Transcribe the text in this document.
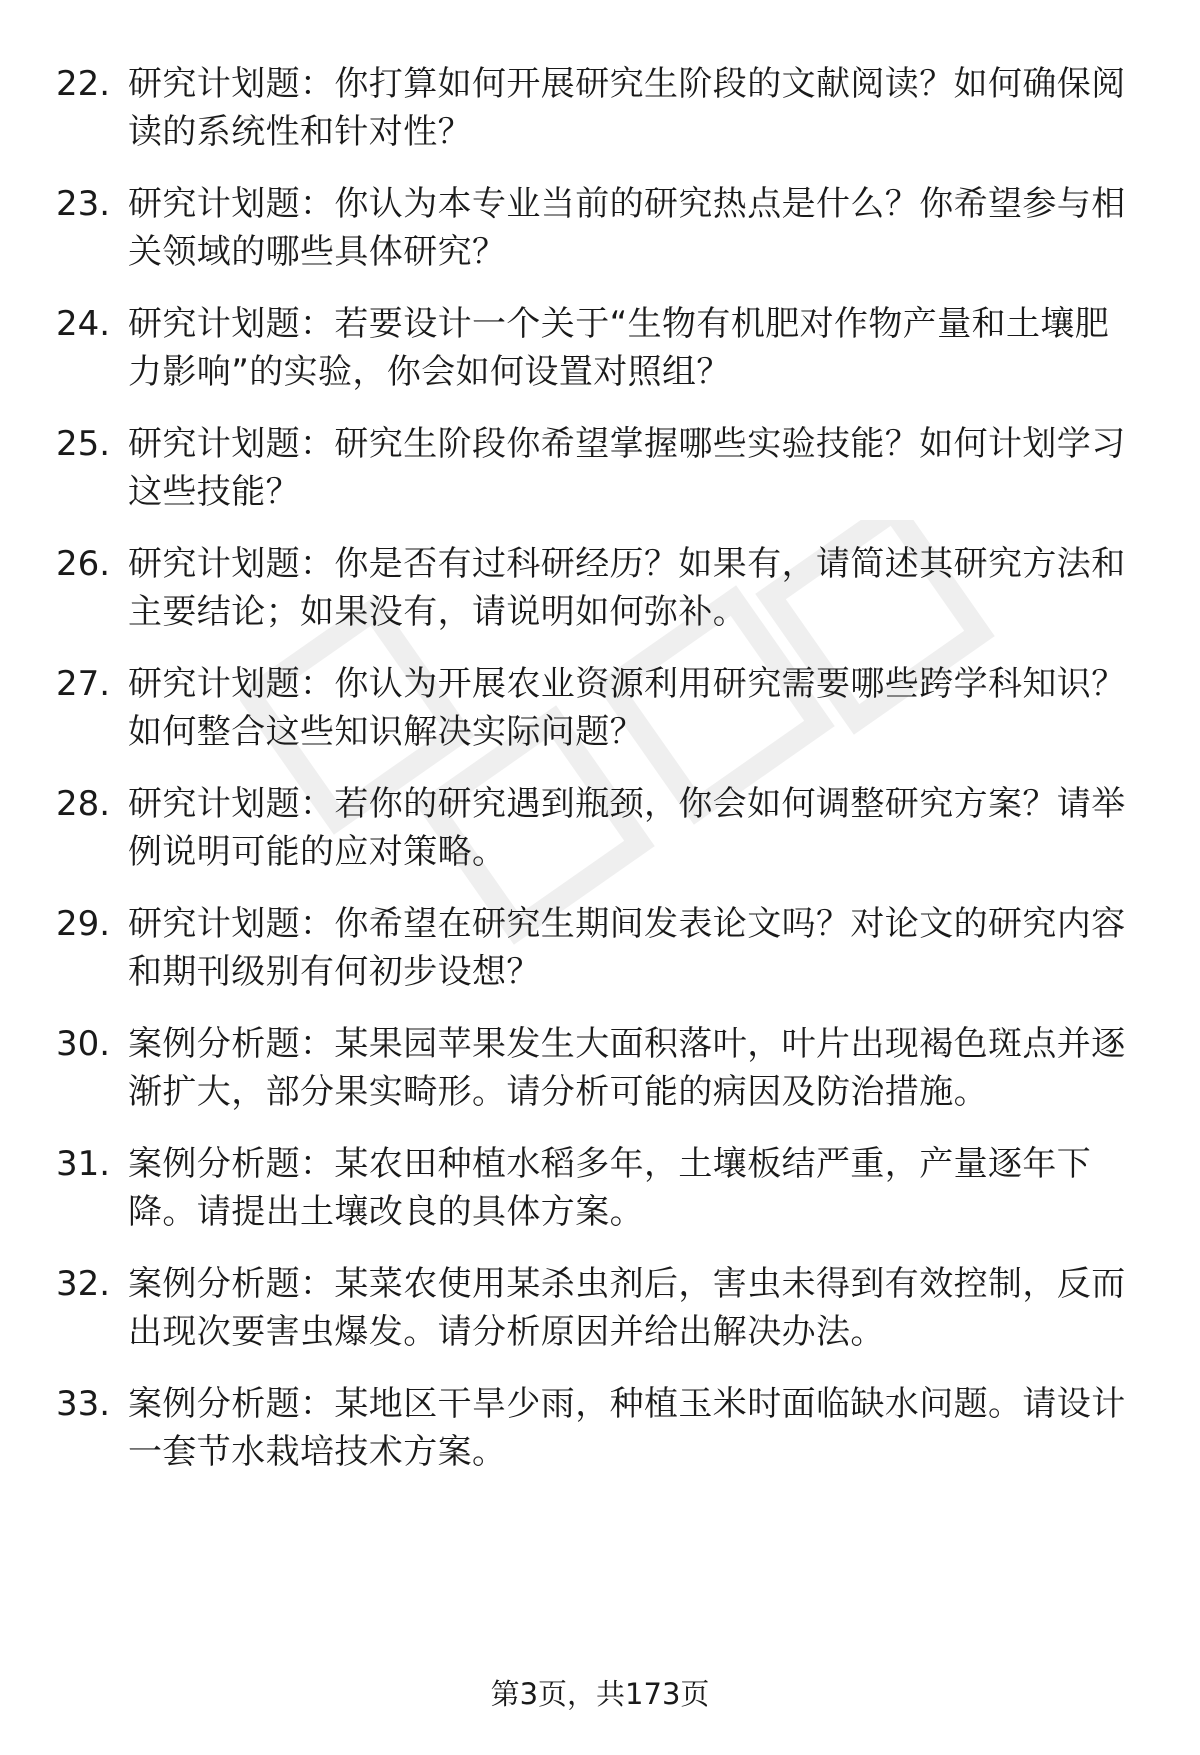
22. 研究计划题：你打算如何开展研究生阶段的文献阅读？如何确保阅读的系统性和针对性？
23. 研究计划题：你认为本专业当前的研究热点是什么？你希望参与相关领域的哪些具体研究？
24. 研究计划题：若要设计一个关于“生物有机肥对作物产量和土壤肥力影响”的实验，你会如何设置对照组？
25. 研究计划题：研究生阶段你希望掌握哪些实验技能？如何计划学习这些技能？
26. 研究计划题：你是否有过科研经历？如果有，请简述其研究方法和主要结论；如果没有，请说明如何弥补。
27. 研究计划题：你认为开展农业资源利用研究需要哪些跨学科知识？如何整合这些知识解决实际问题？
28. 研究计划题：若你的研究遇到瓶颈，你会如何调整研究方案？请举例说明可能的应对策略。
29. 研究计划题：你希望在研究生期间发表论文吗？对论文的研究内容和期刊级别有何初步设想？
30. 案例分析题：某果园苹果发生大面积落叶，叶片出现褐色斑点并逐渐扩大，部分果实畸形。请分析可能的病因及防治措施。
31. 案例分析题：某农田种植水稻多年，土壤板结严重，产量逐年下降。请提出土壤改良的具体方案。
32. 案例分析题：某菜农使用某杀虫剂后，害虫未得到有效控制，反而出现次要害虫爆发。请分析原因并给出解决办法。
33. 案例分析题：某地区干旱少雨，种植玉米时面临缺水问题。请设计一套节水栽培技术方案。
第3页，共173页
